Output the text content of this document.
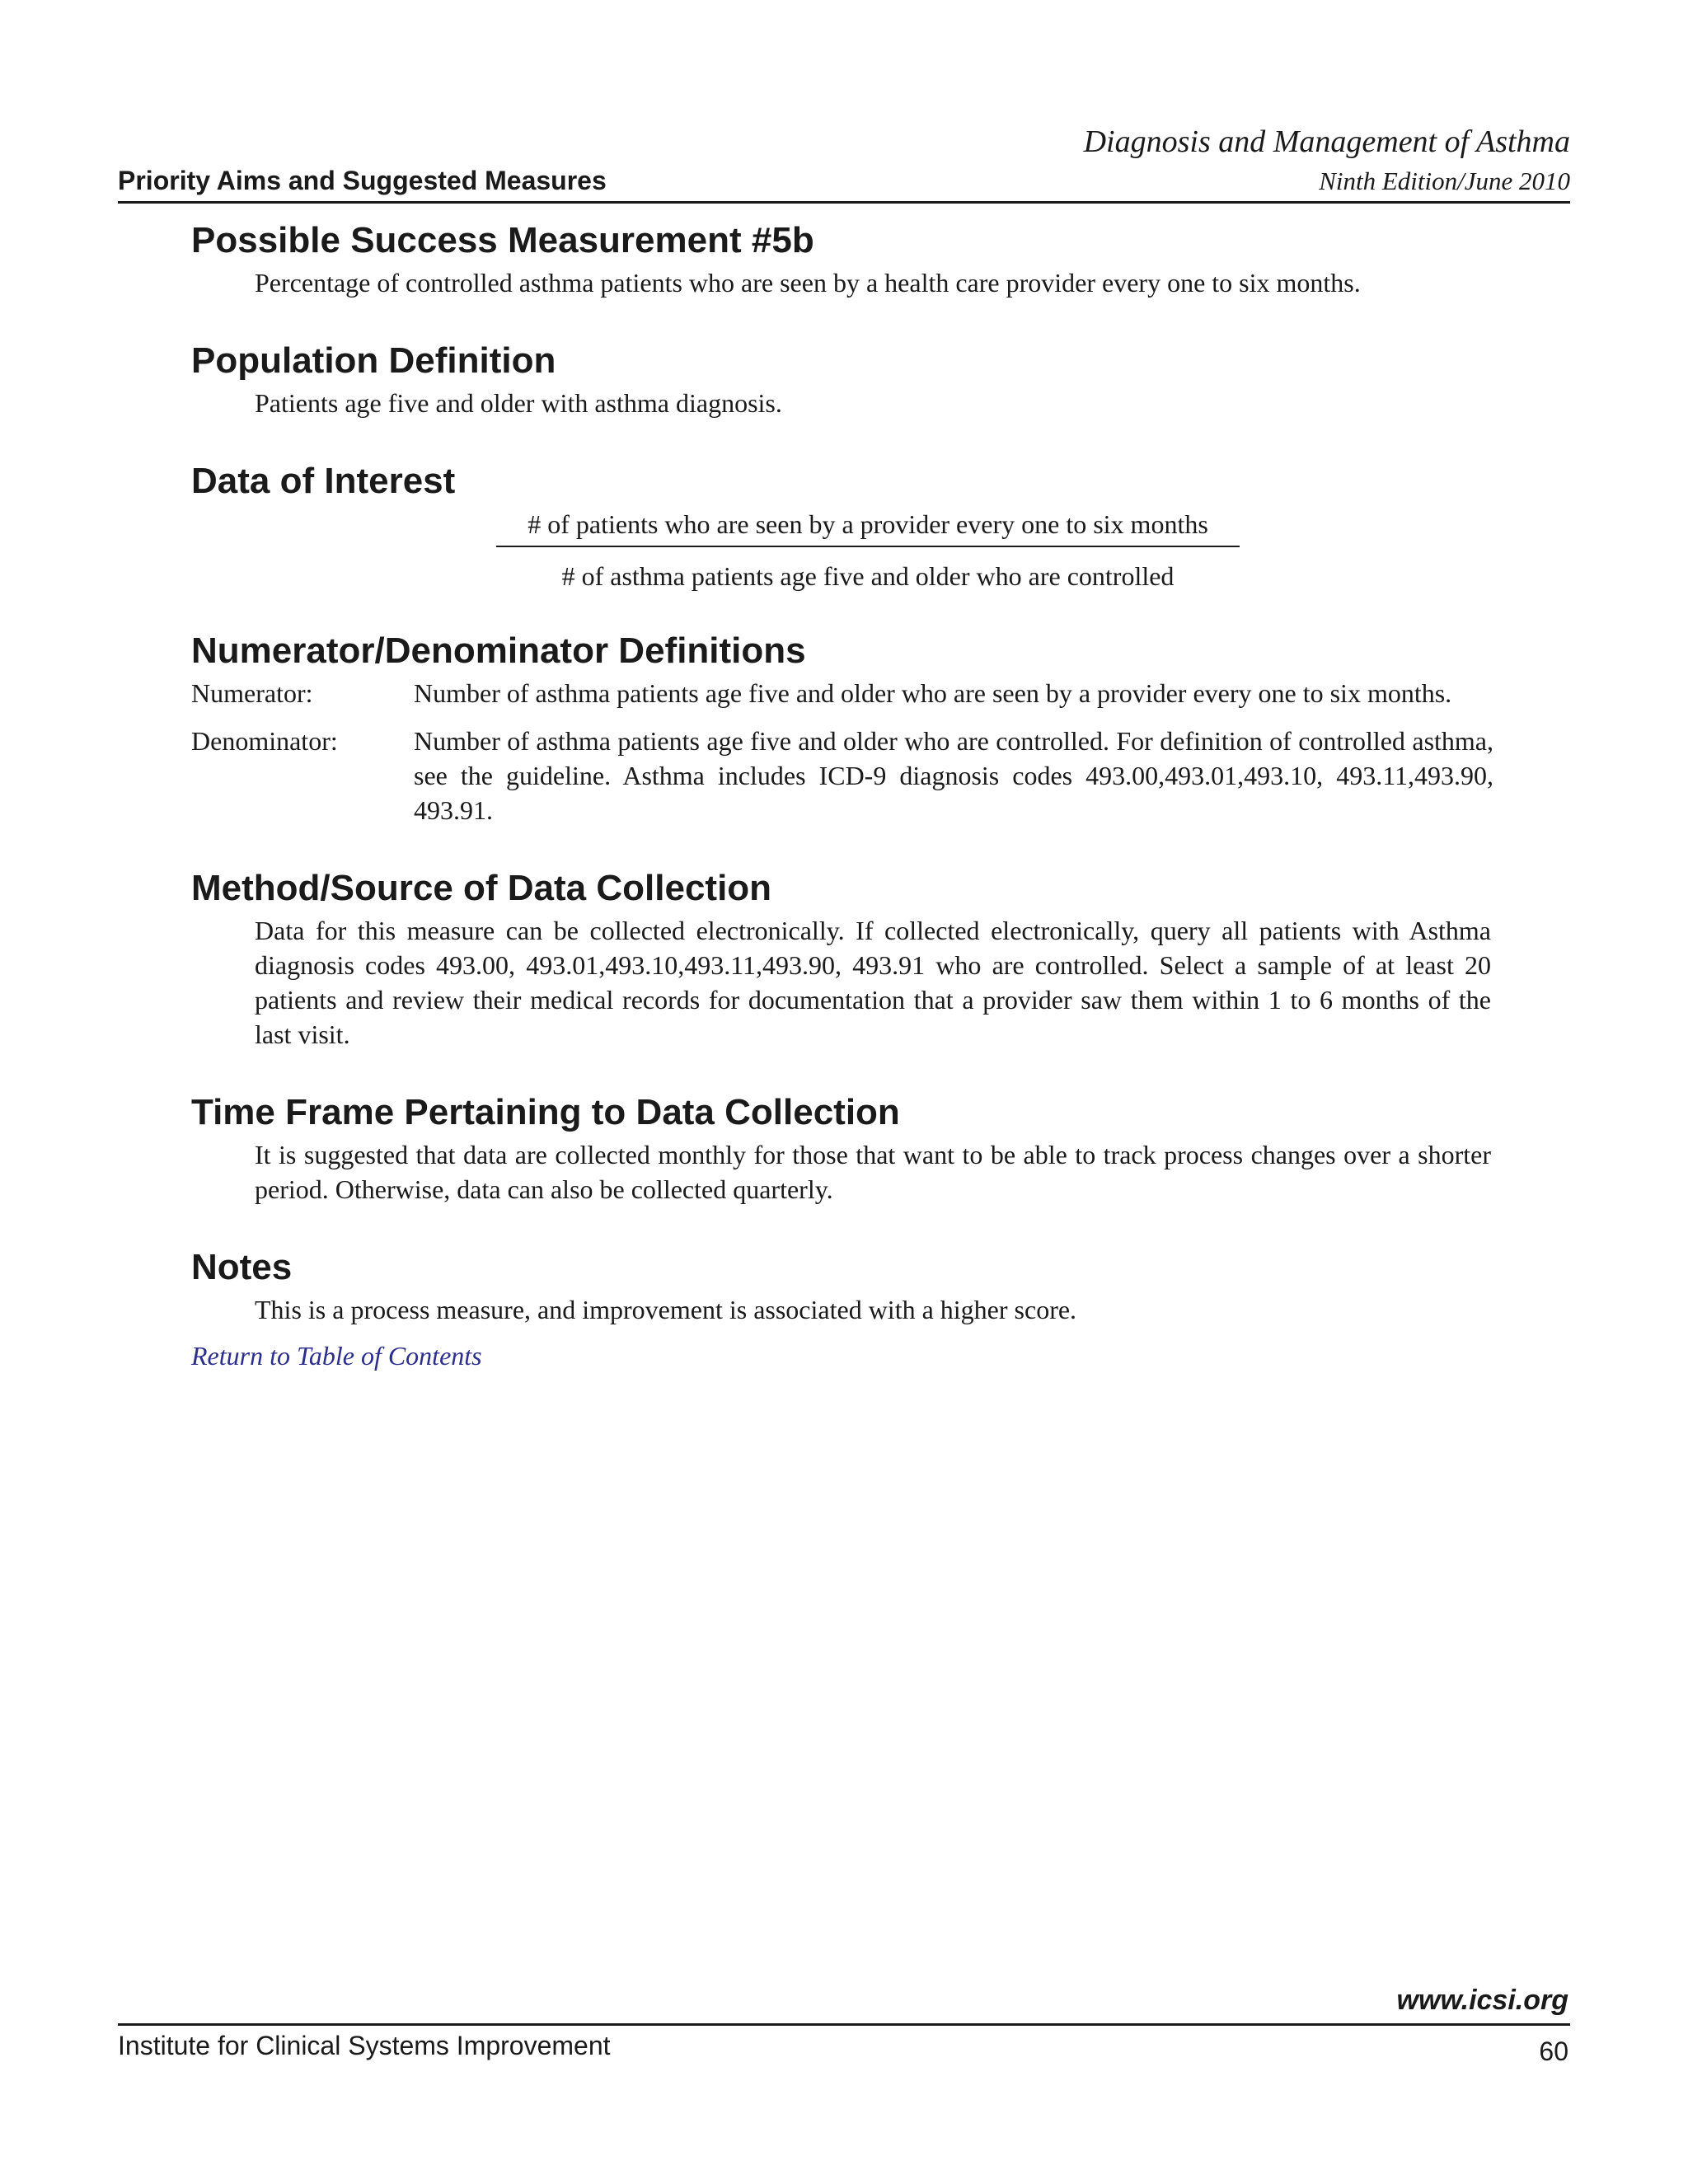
Diagnosis and Management of Asthma
Priority Aims and Suggested Measures	Ninth Edition/June 2010
Possible Success Measurement #5b

Percentage of controlled asthma patients who are seen by a health care provider every one to six months.

Population Definition

Patients age five and older with asthma diagnosis.

Data of Interest
# of patients who are seen by a provider every one to six months
# of asthma patients age five and older who are controlled
Numerator/Denominator Definitions
Numerator:	Number of asthma patients age five and older who are seen by a provider every one to six months.
Denominator:	Number of asthma patients age five and older who are controlled. For definition of controlled asthma, see the guideline. Asthma includes ICD-9 diagnosis codes 493.00,493.01,493.10, 493.11,493.90, 493.91.
Method/Source of Data Collection

Data for this measure can be collected electronically. If collected electronically, query all patients with Asthma diagnosis codes 493.00, 493.01,493.10,493.11,493.90, 493.91 who are controlled. Select a sample of at least 20 patients and review their medical records for documentation that a provider saw them within 1 to 6 months of the last visit.

Time Frame Pertaining to Data Collection

It is suggested that data are collected monthly for those that want to be able to track process changes over a shorter period. Otherwise, data can also be collected quarterly.

Notes

This is a process measure, and improvement is associated with a higher score.

Return to Table of Contents
www.icsi.org
Institute for Clinical Systems Improvement	60
